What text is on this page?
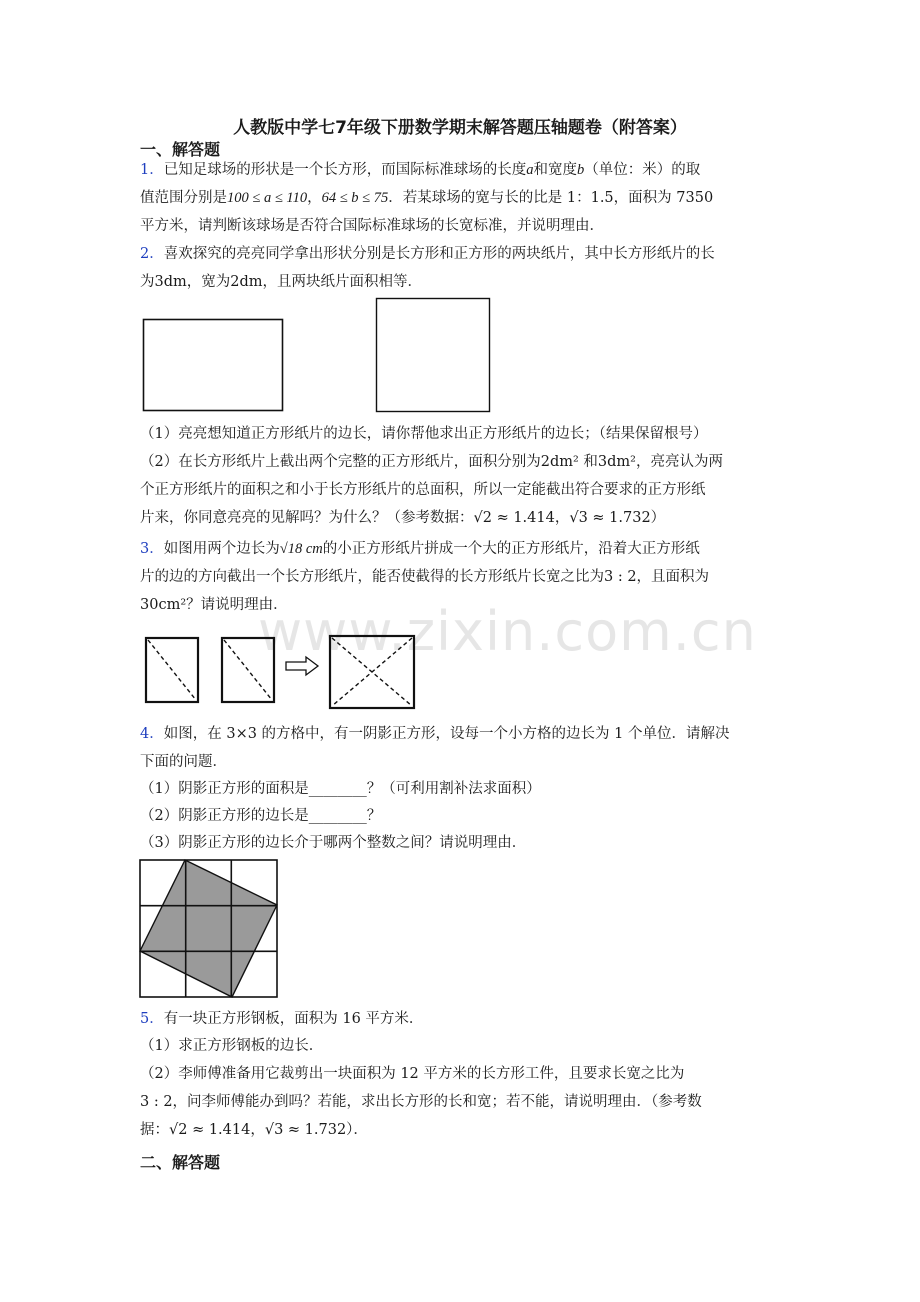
www.zixin.com.cn
人教版中学七7年级下册数学期末解答题压轴题卷（附答案）
一、解答题

1．已知足球场的形状是一个长方形，而国际标准球场的长度a和宽度b（单位：米）的取

值范围分别是100 ≤ a ≤ 110，64 ≤ b ≤ 75．若某球场的宽与长的比是 1：1.5，面积为 7350

平方米，请判断该球场是否符合国际标准球场的长宽标准，并说明理由．

2．喜欢探究的亮亮同学拿出形状分别是长方形和正方形的两块纸片，其中长方形纸片的长

为3dm，宽为2dm，且两块纸片面积相等．

（1）亮亮想知道正方形纸片的边长，请你帮他求出正方形纸片的边长；（结果保留根号）

（2）在长方形纸片上截出两个完整的正方形纸片，面积分别为2dm² 和3dm²，亮亮认为两

个正方形纸片的面积之和小于长方形纸片的总面积，所以一定能截出符合要求的正方形纸

片来，你同意亮亮的见解吗？为什么？（参考数据：√2 ≈ 1.414，√3 ≈ 1.732）

3．如图用两个边长为√18 cm的小正方形纸片拼成一个大的正方形纸片，沿着大正方形纸

片的边的方向截出一个长方形纸片，能否使截得的长方形纸片长宽之比为3 : 2，且面积为

30cm²？请说明理由．

4．如图，在 3×3 的方格中，有一阴影正方形，设每一个小方格的边长为 1 个单位．请解决

下面的问题．

（1）阴影正方形的面积是________？（可利用割补法求面积）

（2）阴影正方形的边长是________？

（3）阴影正方形的边长介于哪两个整数之间？请说明理由．

5．有一块正方形钢板，面积为 16 平方米．

（1）求正方形钢板的边长．

（2）李师傅准备用它裁剪出一块面积为 12 平方米的长方形工件，且要求长宽之比为

3 : 2，问李师傅能办到吗？若能，求出长方形的长和宽；若不能，请说明理由．（参考数

据：√2 ≈ 1.414，√3 ≈ 1.732）．

二、解答题
